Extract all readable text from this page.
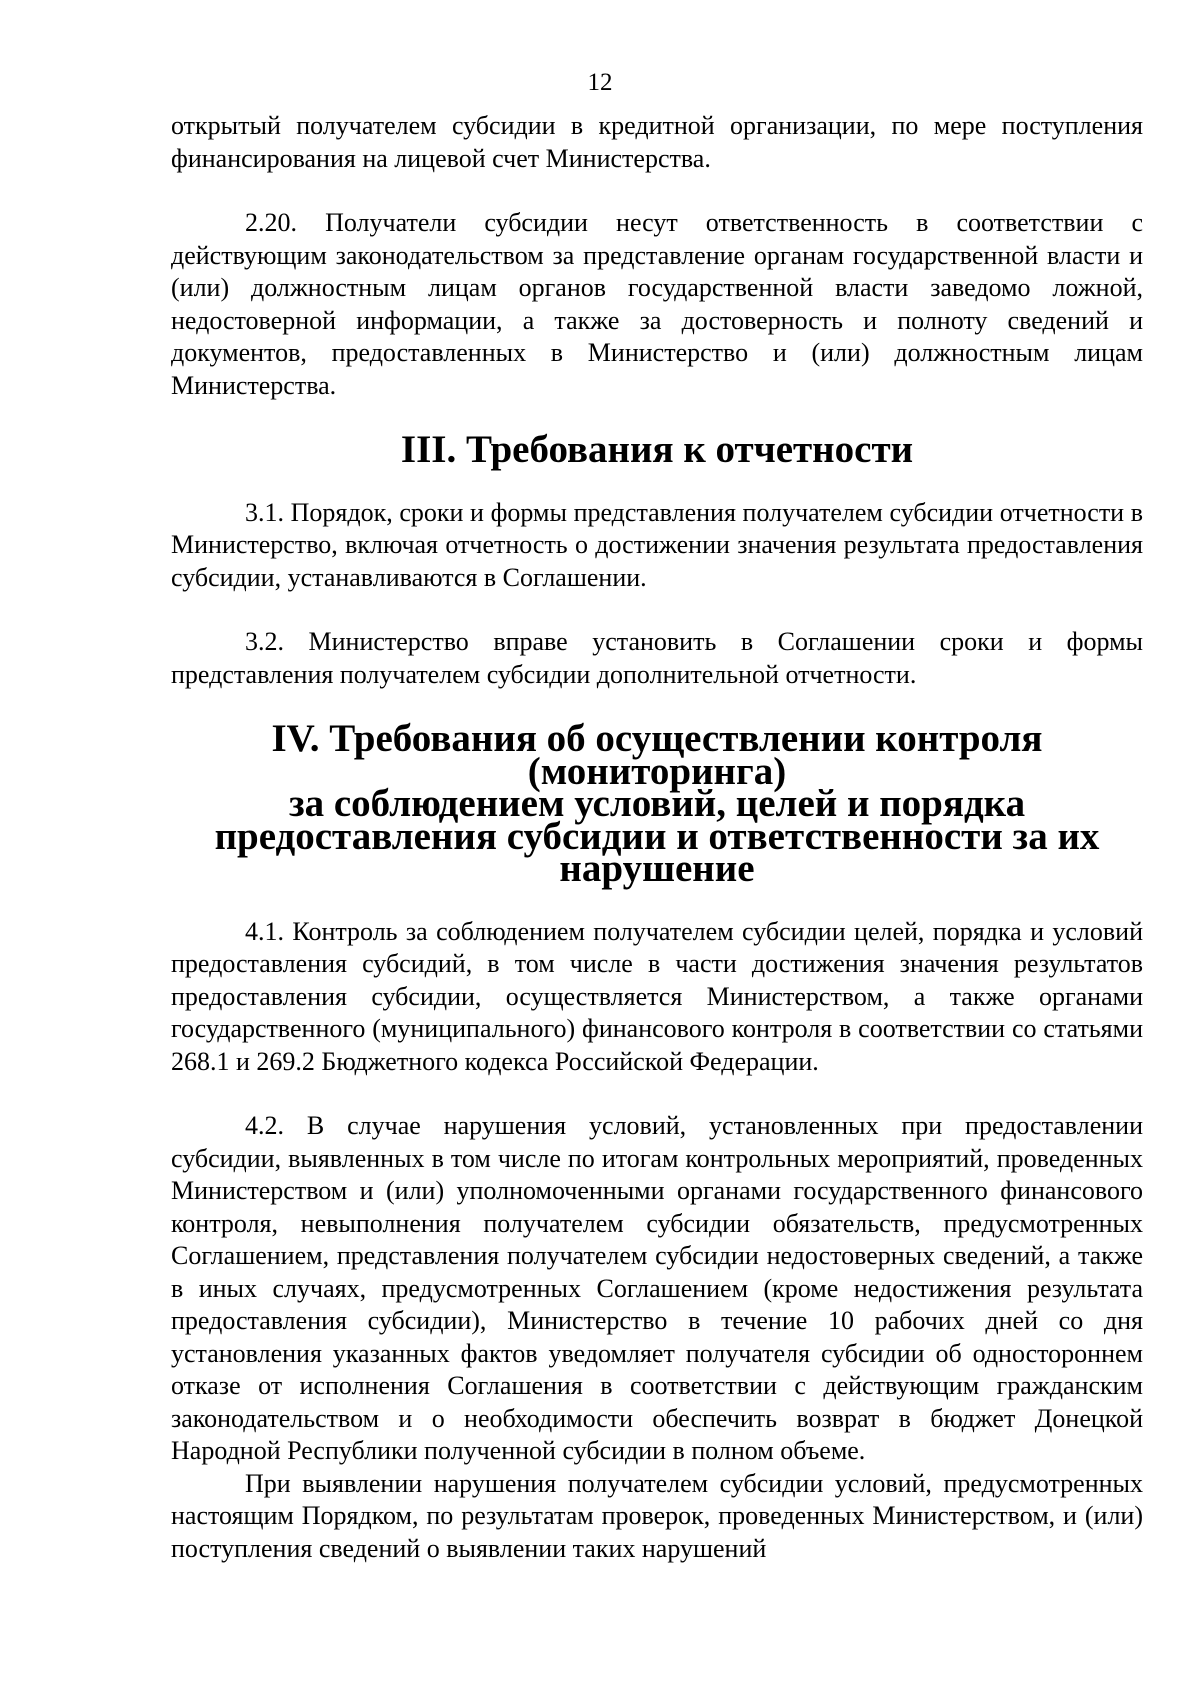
12

открытый получателем субсидии в кредитной организации, по мере поступления финансирования на лицевой счет Министерства.

2.20. Получатели субсидии несут ответственность в соответствии с действующим законодательством за представление органам государственной власти и (или) должностным лицам органов государственной власти заведомо ложной, недостоверной информации, а также за достоверность и полноту сведений и документов, предоставленных в Министерство и (или) должностным лицам Министерства.

III. Требования к отчетности

3.1. Порядок, сроки и формы представления получателем субсидии отчетности в Министерство, включая отчетность о достижении значения результата предоставления субсидии, устанавливаются в Соглашении.

3.2. Министерство вправе установить в Соглашении сроки и формы представления получателем субсидии дополнительной отчетности.

IV. Требования об осуществлении контроля (мониторинга)
за соблюдением условий, целей и порядка
предоставления субсидии и ответственности за их нарушение

4.1. Контроль за соблюдением получателем субсидии целей, порядка и условий предоставления субсидий, в том числе в части достижения значения результатов предоставления субсидии, осуществляется Министерством, а также органами государственного (муниципального) финансового контроля в соответствии со статьями 268.1 и 269.2 Бюджетного кодекса Российской Федерации.

4.2. В случае нарушения условий, установленных при предоставлении субсидии, выявленных в том числе по итогам контрольных мероприятий, проведенных Министерством и (или) уполномоченными органами государственного финансового контроля, невыполнения получателем субсидии обязательств, предусмотренных Соглашением, представления получателем субсидии недостоверных сведений, а также в иных случаях, предусмотренных Соглашением (кроме недостижения результата предоставления субсидии), Министерство в течение 10 рабочих дней со дня установления указанных фактов уведомляет получателя субсидии об одностороннем отказе от исполнения Соглашения в соответствии с действующим гражданским законодательством и о необходимости обеспечить возврат в бюджет Донецкой Народной Республики полученной субсидии в полном объеме.

При выявлении нарушения получателем субсидии условий, предусмотренных настоящим Порядком, по результатам проверок, проведенных Министерством, и (или) поступления сведений о выявлении таких нарушений
